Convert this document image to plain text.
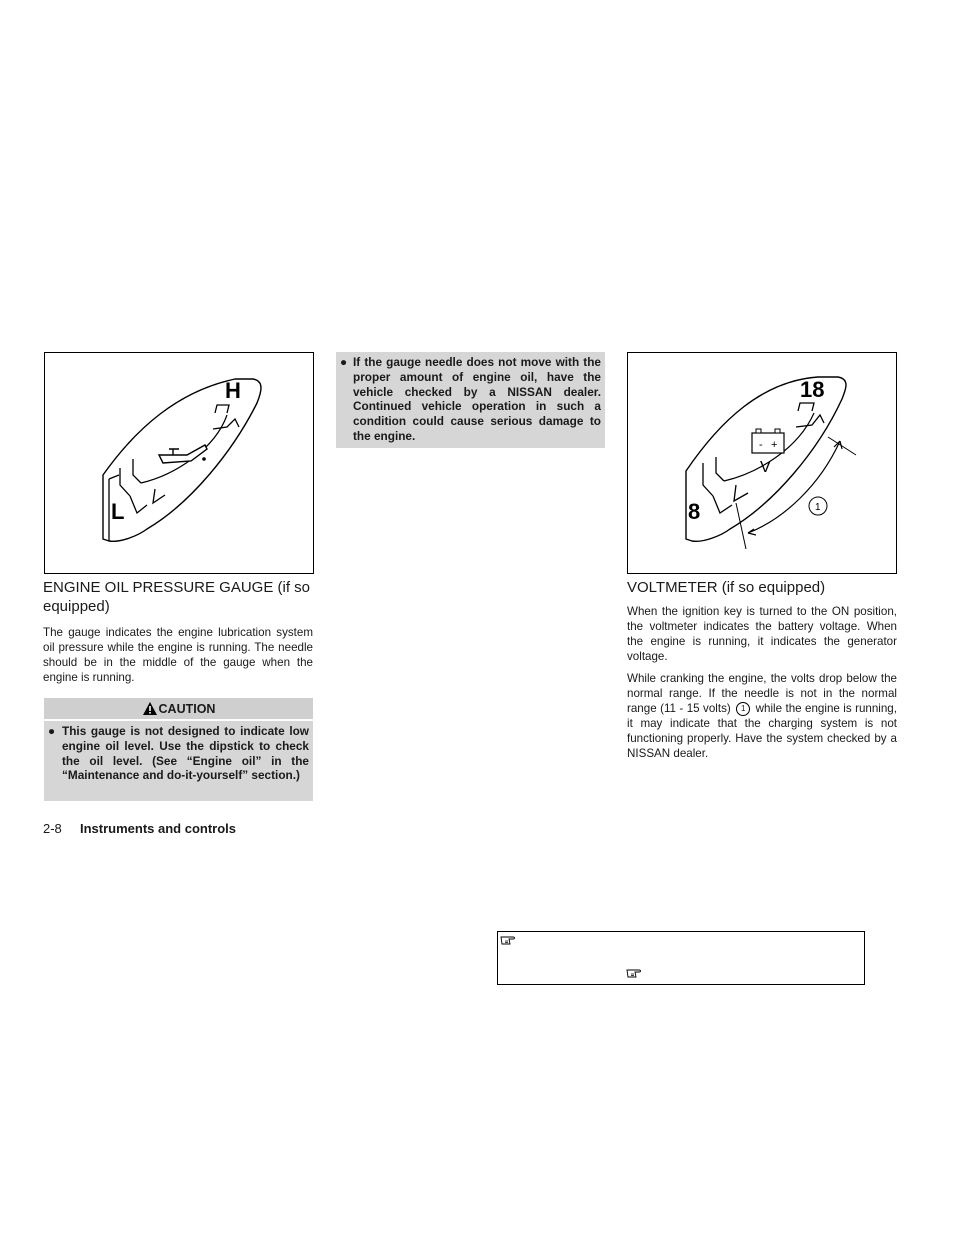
H
L
ENGINE OIL PRESSURE GAUGE (if so equipped)

The gauge indicates the engine lubrication system oil pressure while the engine is running. The needle should be in the middle of the gauge when the engine is running.

CAUTION
● This gauge is not designed to indicate low engine oil level. Use the dipstick to check the oil level. (See “Engine oil” in the “Maintenance and do-it-yourself” section.)
● If the gauge needle does not move with the proper amount of engine oil, have the vehicle checked by a NISSAN dealer. Continued vehicle operation in such a condition could cause serious damage to the engine.
- +
V
18
8	1
VOLTMETER (if so equipped)

When the ignition key is turned to the ON position, the voltmeter indicates the battery voltage. When the engine is running, it indicates the generator voltage.

While cranking the engine, the volts drop below the normal range. If the needle is not in the normal range (11 - 15 volts) 1 while the engine is running, it may indicate that the charging system is not functioning properly. Have the system checked by a NISSAN dealer.

2-8 Instruments and controls
